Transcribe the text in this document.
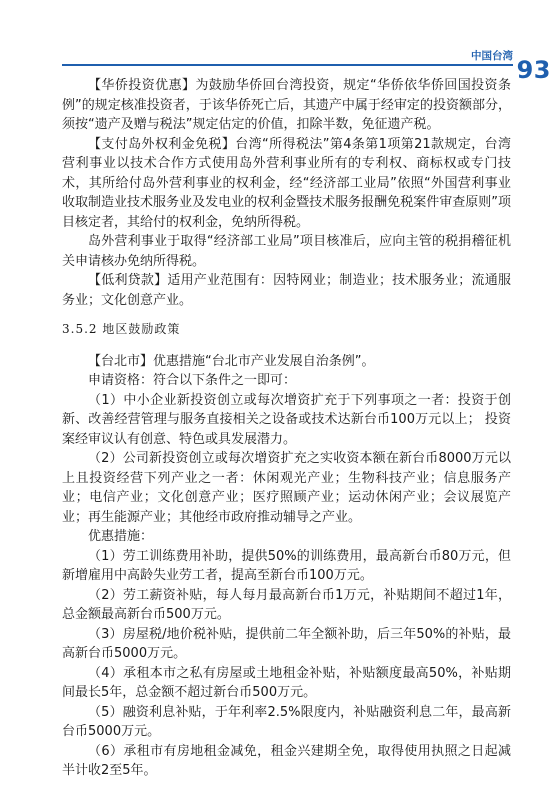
中国台湾 93

【华侨投资优惠】为鼓励华侨回台湾投资，规定“华侨依华侨回国投资条例”的规定核准投资者，于该华侨死亡后，其遗产中属于经审定的投资额部分，须按“遗产及赠与税法”规定估定的价值，扣除半数，免征遗产税。

【支付岛外权利金免税】台湾“所得税法”第4条第1项第21款规定，台湾营利事业以技术合作方式使用岛外营利事业所有的专利权、商标权或专门技术，其所给付岛外营利事业的权利金，经“经济部工业局”依照“外国营利事业收取制造业技术服务业及发电业的权利金暨技术服务报酬免税案件审查原则”项目核定者，其给付的权利金，免纳所得税。

岛外营利事业于取得“经济部工业局”项目核准后，应向主管的税捐稽征机关申请核办免纳所得税。

【低利贷款】适用产业范围有：因特网业；制造业；技术服务业；流通服务业；文化创意产业。

3.5.2 地区鼓励政策

【台北市】优惠措施“台北市产业发展自治条例”。

申请资格：符合以下条件之一即可：

（1）中小企业新投资创立或每次增资扩充于下列事项之一者：投资于创新、改善经营管理与服务直接相关之设备或技术达新台币100万元以上； 投资案经审议认有创意、特色或具发展潜力。

（2）公司新投资创立或每次增资扩充之实收资本额在新台币8000万元以上且投资经营下列产业之一者：休闲观光产业；生物科技产业；信息服务产业；电信产业；文化创意产业；医疗照顾产业；运动休闲产业；会议展览产业；再生能源产业；其他经市政府推动辅导之产业。

优惠措施：

（1）劳工训练费用补助，提供50%的训练费用，最高新台币80万元，但新增雇用中高龄失业劳工者，提高至新台币100万元。

（2）劳工薪资补贴，每人每月最高新台币1万元，补贴期间不超过1年，总金额最高新台币500万元。

（3）房屋税/地价税补贴，提供前二年全额补助，后三年50%的补贴，最高新台币5000万元。

（4）承租本市之私有房屋或土地租金补贴，补贴额度最高50%，补贴期间最长5年，总金额不超过新台币500万元。

（5）融资利息补贴，于年利率2.5%限度内，补贴融资利息二年，最高新台币5000万元。

（6）承租市有房地租金减免，租金兴建期全免，取得使用执照之日起减半计收2至5年。
